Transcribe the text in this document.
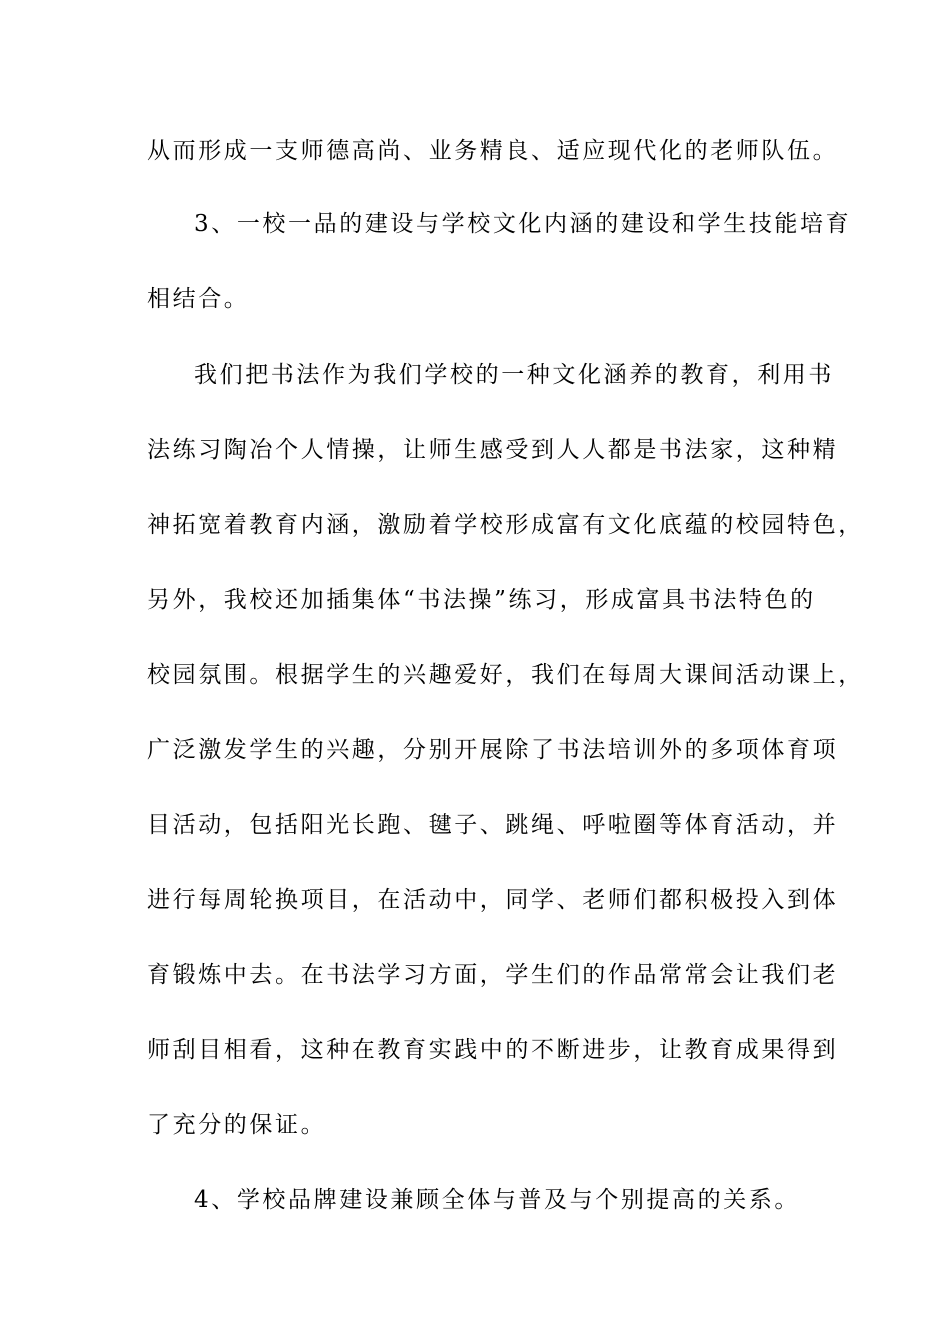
从而形成一支师德高尚、业务精良、适应现代化的老师队伍。
3、一校一品的建设与学校文化内涵的建设和学生技能培育
相结合。
我们把书法作为我们学校的一种文化涵养的教育，利用书
法练习陶冶个人情操，让师生感受到人人都是书法家，这种精
神拓宽着教育内涵，激励着学校形成富有文化底蕴的校园特色，
另外，我校还加插集体“书法操”练习，形成富具书法特色的
校园氛围。根据学生的兴趣爱好，我们在每周大课间活动课上，
广泛激发学生的兴趣，分别开展除了书法培训外的多项体育项
目活动，包括阳光长跑、毽子、跳绳、呼啦圈等体育活动，并
进行每周轮换项目，在活动中，同学、老师们都积极投入到体
育锻炼中去。在书法学习方面，学生们的作品常常会让我们老
师刮目相看，这种在教育实践中的不断进步，让教育成果得到
了充分的保证。
4、学校品牌建设兼顾全体与普及与个别提高的关系。
